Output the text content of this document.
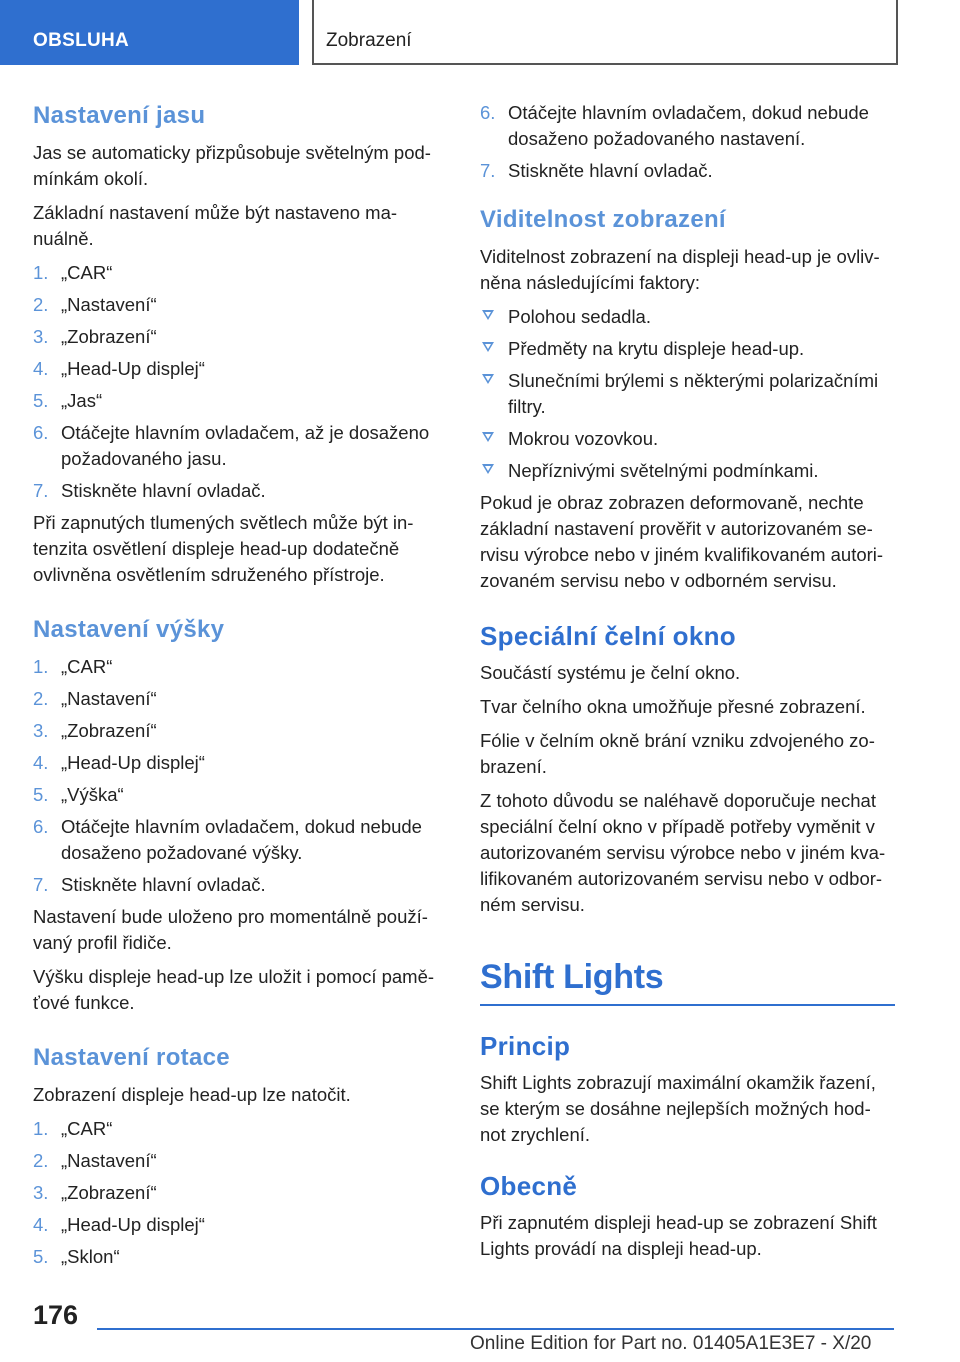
OBSLUHA	Zobrazení
Nastavení jasu

Jas se automaticky přizpůsobuje světelným pod-mínkám okolí.

Základní nastavení může být nastaveno ma-nuálně.

1. „CAR“
2. „Nastavení“
3. „Zobrazení“
4. „Head-Up displej“
5. „Jas“
6. Otáčejte hlavním ovladačem, až je dosaženo požadovaného jasu.
7. Stiskněte hlavní ovladač.

Při zapnutých tlumených světlech může být in-tenzita osvětlení displeje head-up dodatečně ovlivněna osvětlením sdruženého přístroje.

Nastavení výšky
1. „CAR“
2. „Nastavení“
3. „Zobrazení“
4. „Head-Up displej“
5. „Výška“
6. Otáčejte hlavním ovladačem, dokud nebude dosaženo požadované výšky.
7. Stiskněte hlavní ovladač.

Nastavení bude uloženo pro momentálně použí-vaný profil řidiče.

Výšku displeje head-up lze uložit i pomocí pamě-ťové funkce.

Nastavení rotace

Zobrazení displeje head-up lze natočit.

1. „CAR“
2. „Nastavení“
3. „Zobrazení“
4. „Head-Up displej“
5. „Sklon“
6. Otáčejte hlavním ovladačem, dokud nebude dosaženo požadovaného nastavení.
7. Stiskněte hlavní ovladač.
Viditelnost zobrazení

Viditelnost zobrazení na displeji head-up je ovliv-něna následujícími faktory:

Polohou sedadla.
Předměty na krytu displeje head-up.
Slunečními brýlemi s některými polarizačními filtry.
Mokrou vozovkou.
Nepříznivými světelnými podmínkami.

Pokud je obraz zobrazen deformovaně, nechte základní nastavení prověřit v autorizovaném se-rvisu výrobce nebo v jiném kvalifikovaném autori-zovaném servisu nebo v odborném servisu.

Speciální čelní okno

Součástí systému je čelní okno.

Tvar čelního okna umožňuje přesné zobrazení.

Fólie v čelním okně brání vzniku zdvojeného zo-brazení.

Z tohoto důvodu se naléhavě doporučuje nechat speciální čelní okno v případě potřeby vyměnit v autorizovaném servisu výrobce nebo v jiném kva-lifikovaném autorizovaném servisu nebo v odbor-ném servisu.

Shift Lights
Princip

Shift Lights zobrazují maximální okamžik řazení, se kterým se dosáhne nejlepších možných hod-not zrychlení.

Obecně

Při zapnutém displeji head-up se zobrazení Shift Lights provádí na displeji head-up.

176
Online Edition for Part no. 01405A1E3E7 - X/20
